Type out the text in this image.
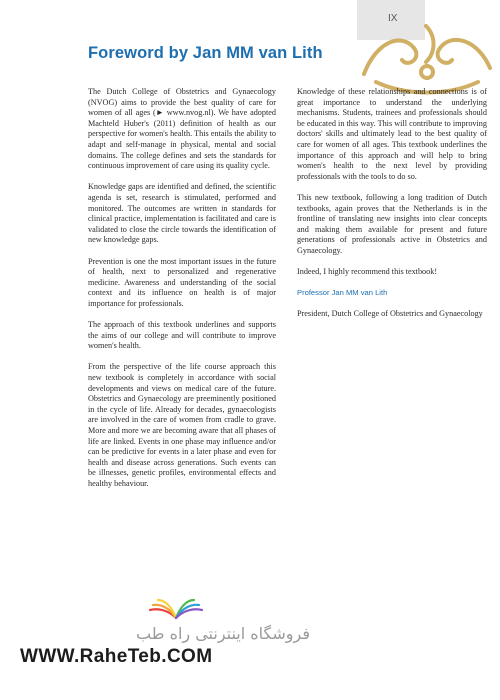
IX
Foreword by Jan MM van Lith

The Dutch College of Obstetrics and Gynaecology (NVOG) aims to provide the best quality of care for women of all ages (► www.nvog.nl). We have adopted Machteld Huber's (2011) definition of health as our perspective for women's health. This entails the ability to adapt and self-manage in physical, mental and social domains. The college defines and sets the standards for continuous improvement of care using its quality cycle.

Knowledge gaps are identified and defined, the scientific agenda is set, research is stimulated, performed and monitored. The outcomes are written in standards for clinical practice, implementation is facilitated and care is validated to close the circle towards the identification of new knowledge gaps.

Prevention is one the most important issues in the future of health, next to personalized and regenerative medicine. Awareness and understanding of the social context and its influence on health is of major importance for professionals.

The approach of this textbook underlines and supports the aims of our college and will contribute to improve women's health.

From the perspective of the life course approach this new textbook is completely in accordance with social developments and views on medical care of the future. Obstetrics and Gynaecology are preeminently positioned in the cycle of life. Already for decades, gynaecologists are involved in the care of women from cradle to grave. More and more we are becoming aware that all phases of life are linked. Events in one phase may influence and/or can be predictive for events in a later phase and even for health and disease across generations. Such events can be illnesses, genetic profiles, environmental effects and healthy behaviour.

Knowledge of these relationships and connections is of great importance to understand the underlying mechanisms. Students, trainees and professionals should be educated in this way. This will contribute to improving doctors' skills and ultimately lead to the best quality of care for women of all ages. This textbook underlines the importance of this approach and will help to bring women's health to the next level by providing professionals with the tools to do so.

This new textbook, following a long tradition of Dutch textbooks, again proves that the Netherlands is in the frontline of translating new insights into clear concepts and making them available for present and future generations of professionals active in Obstetrics and Gynaecology.

Indeed, I highly recommend this textbook!

Professor Jan MM van Lith

President, Dutch College of Obstetrics and Gynaecology

فروشگاه اینترنتی راه طب
WWW.RaheTeb.COM
